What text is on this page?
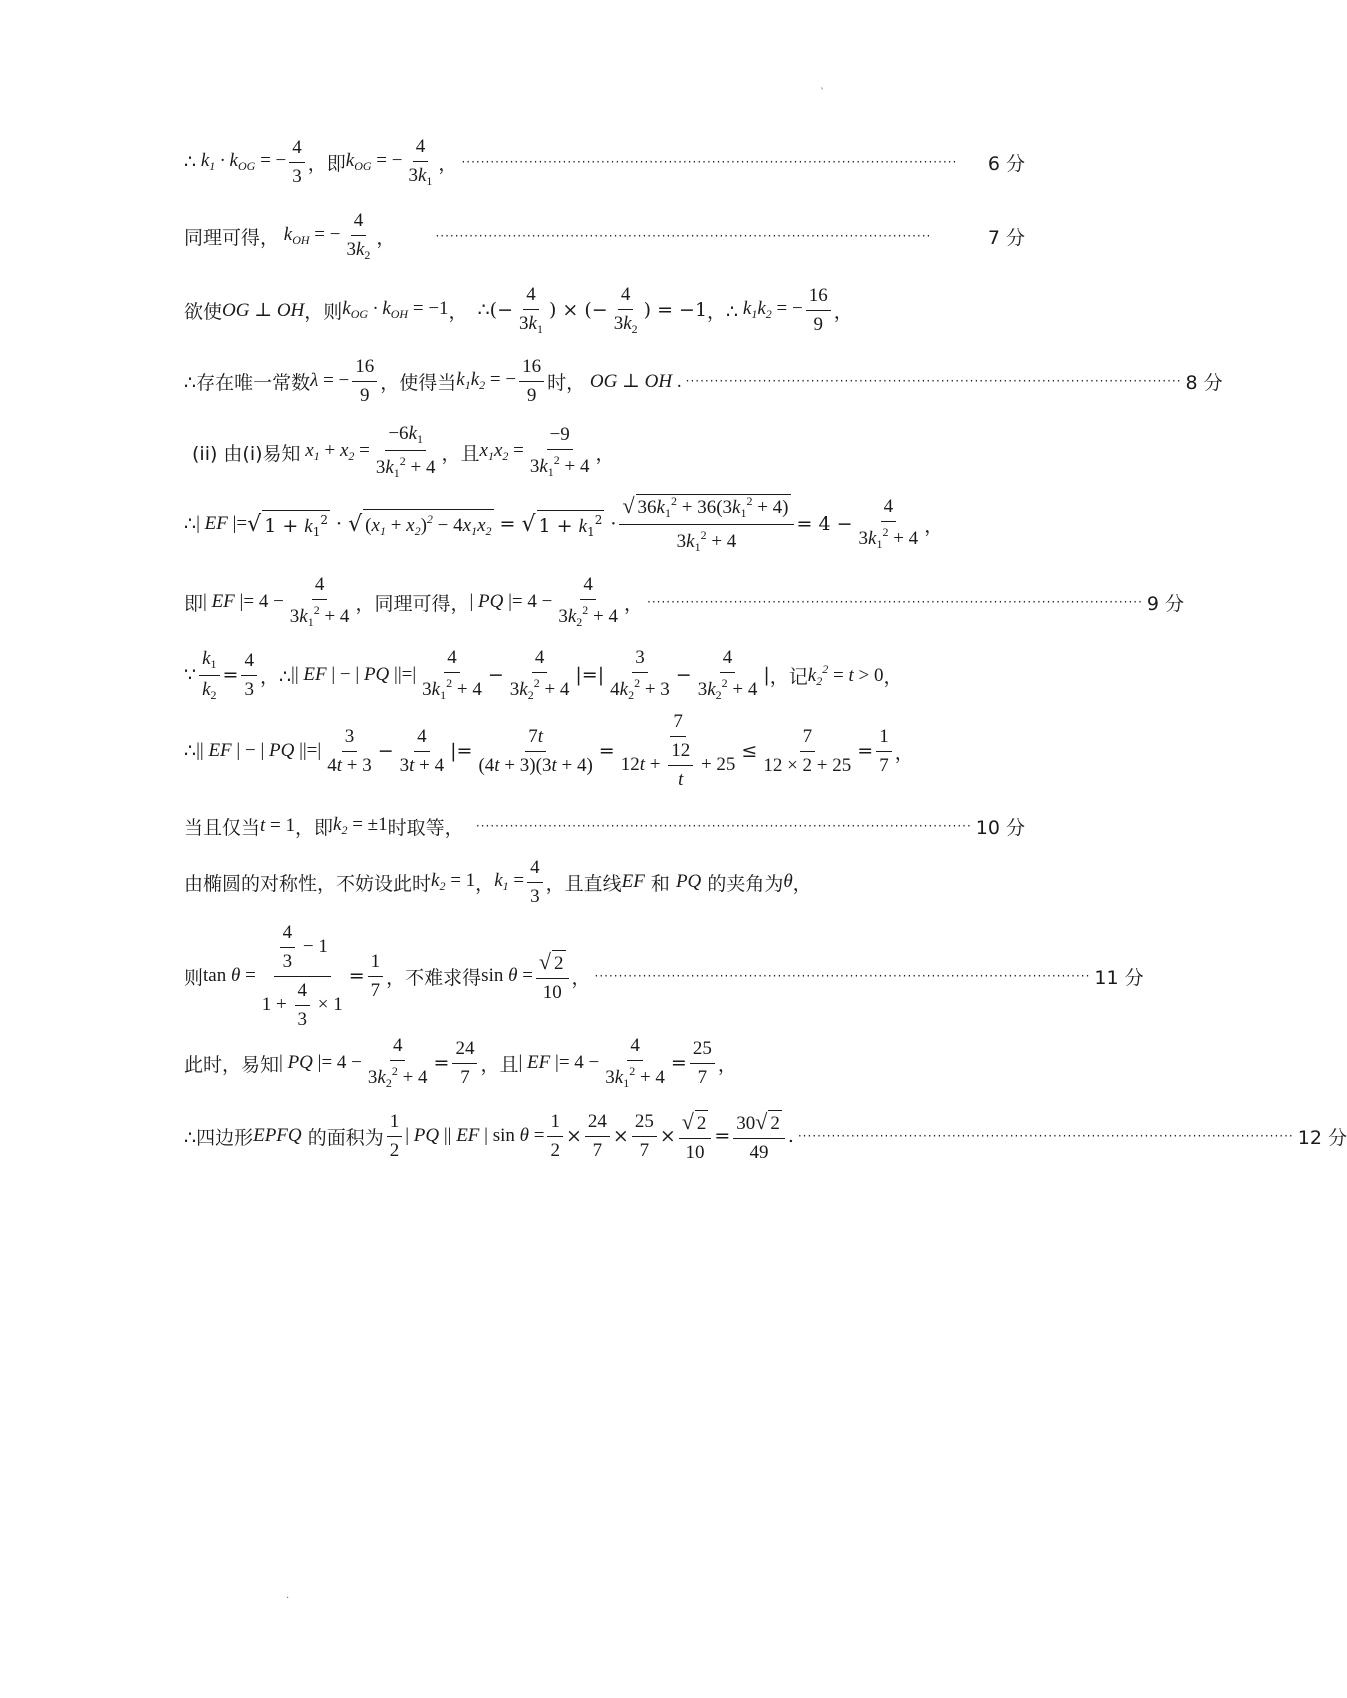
`
∴ $k_1 \cdot k_{OG}$ = − $\frac{4}{3}$ ，即 $k_{OG}$ = − $\frac{4}{3k_1}$ ， ·······································································································	6 分
同理可得， $k_{OH}$ = − $\frac{4}{3k_2}$ ，	·······································································································	7 分
欲使 OG ⊥ OH ，则 $k_{OG} \cdot k_{OH} = -1$ ， ∴ (− $\frac{4}{3k_1}$ ) × (− $\frac{4}{3k_2}$ ) = −1 ，∴ $k_1k_2$ = − $\frac{16}{9}$ ，
∴存在唯一常数 λ = − $\frac{16}{9}$ ，使得当 $k_1k_2$ = − $\frac{16}{9}$ 时， OG ⊥ OH . ······································································································· 8 分
(ii) 由(i)易知 $x_1 + x_2 = \frac{-6k_1}{3k_1^2 + 4}$ ，且 $x_1x_2 = \frac{-9}{3k_1^2 + 4}$ ，
∴ | EF |= √ $1 + k_1^2$ · √ $(x_1 + x_2)^2 - 4x_1x_2$ = √ $1 + k_1^2 \cdot \frac{√ 36k_1^2 + 36(3k_1^2 + 4)}{3k_1^2 + 4} = 4 - \frac{4}{3k_1^2 + 4}$ ，
即 | EF |= $4 - \frac{4}{3k_1^2 + 4}$ ，同理可得， | PQ |= $4 - \frac{4}{3k_2^2 + 4}$ ， ······································································································· 9 分
∵ $\frac{k_1}{k_2} = \frac{4}{3}$ ，∴ || EF | − | PQ ||=| $\frac{4}{3k_1^2 + 4} - \frac{4}{3k_2^2 + 4}$ |=| $\frac{3}{4k_2^2 + 3} - \frac{4}{3k_2^2 + 4}$ | ，记 $k_2^2 = t > 0$ ，
∴ || EF | − | PQ ||=| $\frac{3}{4t + 3} - \frac{4}{3t + 4}$ |= $\frac{7t}{(4t + 3)(3t + 4)} = \frac{7}{12t + \frac{12}{t} + 25} \le \frac{7}{12 \times 2 + 25} = \frac{1}{7}$ ，
当且仅当 t = 1 ，即 $k_2 = \pm 1$ 时取等， ······································································································· 10 分
由椭圆的对称性，不妨设此时 $k_2 = 1$ ， $k_1 = \frac{4}{3}$ ，且直线 EF
和
PQ
的夹角为 θ ，
则 $\tan \theta = \frac{\frac{4}{3} - 1}{1 + \frac{4}{3} \times 1} = \frac{1}{7}$ ，不难求得 $\sin \theta = \frac{√ 2}{10}$ ， ······································································································· 11 分
此时，易知 | PQ |= $4 - \frac{4}{3k_2^2 + 4} = \frac{24}{7}$ ，且 | EF |= $4 - \frac{4}{3k_1^2 + 4} = \frac{25}{7}$ ，
∴四边形 EPFQ
的面积为 $\frac{1}{2}$ | PQ || EF | $\sin \theta = \frac{1}{2} \times \frac{24}{7} \times \frac{25}{7} \times \frac{√ 2}{10} = \frac{30√ 2}{49}$ . ······································································································· 12 分
.
